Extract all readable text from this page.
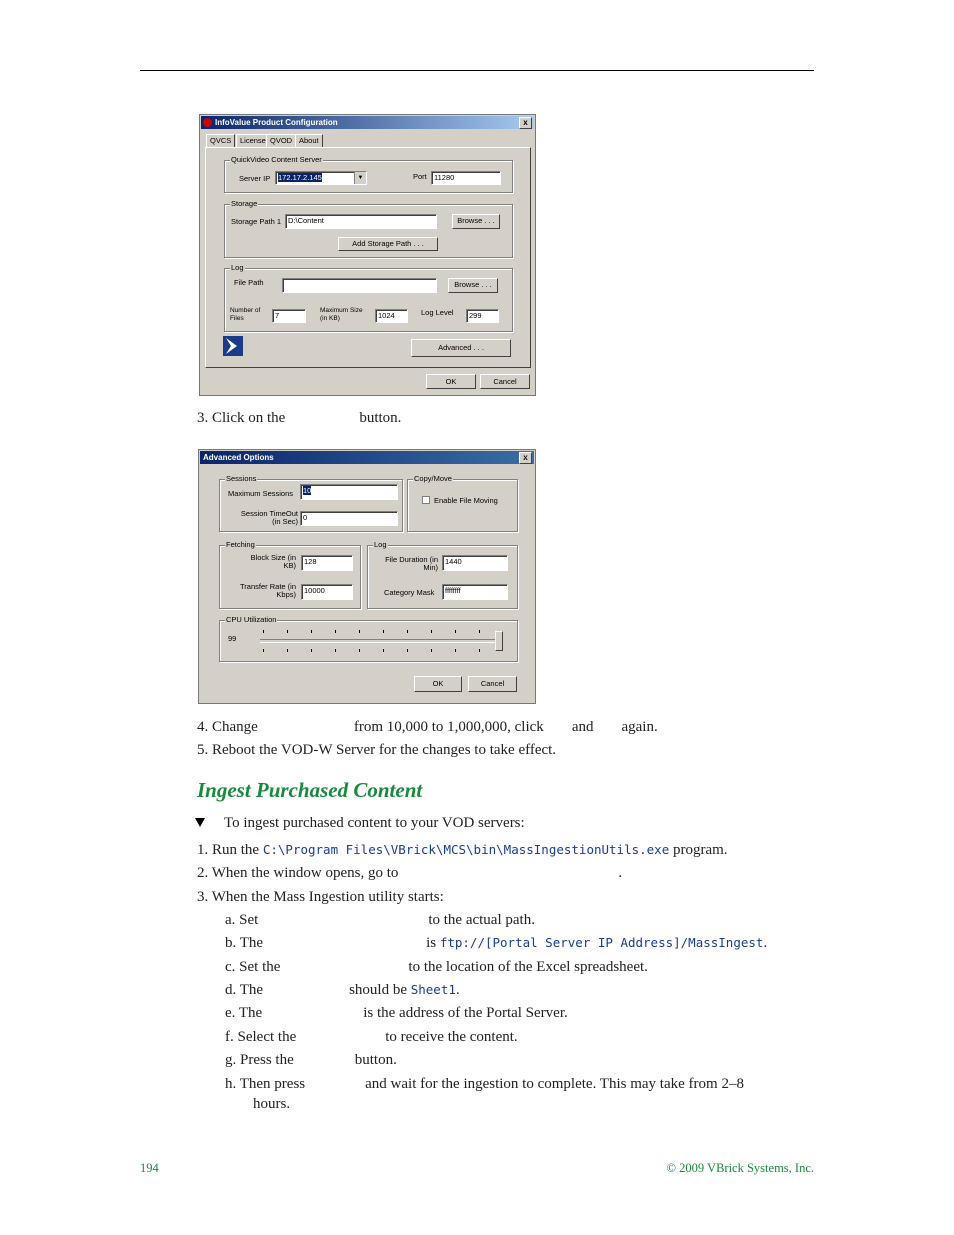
InfoValue Product Configuration	x
QVCS	License QVOD About
QuickVideo Content Server
Server IP	172.17.2.145	▼	Port 11280
Storage
Storage Path 1 D:\Content	Browse . . .
Add Storage Path . . .
Log
File Path	Browse . . .
Number of Files	7
Maximum Size (in KB)	1024	Log Level	299
Advanced . . .
OK	Cancel
3. Click on the	button.
Advanced Options	x
Sessions
Maximum Sessions	10
Session TimeOut (in Sec) 0
Copy/Move
Enable File Moving
Fetching
Block Size (in KB)	128
Transfer Rate (in Kbps)	10000
Log
File Duration (in Min)
1440
Category Mask	ffffffff
CPU Utilization
99
OK	Cancel
4. Change	from 10,000 to 1,000,000, click and again.
5. Reboot the VOD-W Server for the changes to take effect.
Ingest Purchased Content
To ingest purchased content to your VOD servers:
1. Run the C:\Program Files\VBrick\MCS\bin\MassIngestionUtils.exe program.
2. When the window opens, go to	.
3. When the Mass Ingestion utility starts:
a. Set	to the actual path.
b. The	is ftp://[Portal Server IP Address]/MassIngest.
c. Set the	to the location of the Excel spreadsheet.
d. The	should be Sheet1.
e. The	is the address of the Portal Server.
f. Select the	to receive the content.
g. Press the	button.
h. Then press	and wait for the ingestion to complete. This may take from 2–8
hours.
194	© 2009 VBrick Systems, Inc.
